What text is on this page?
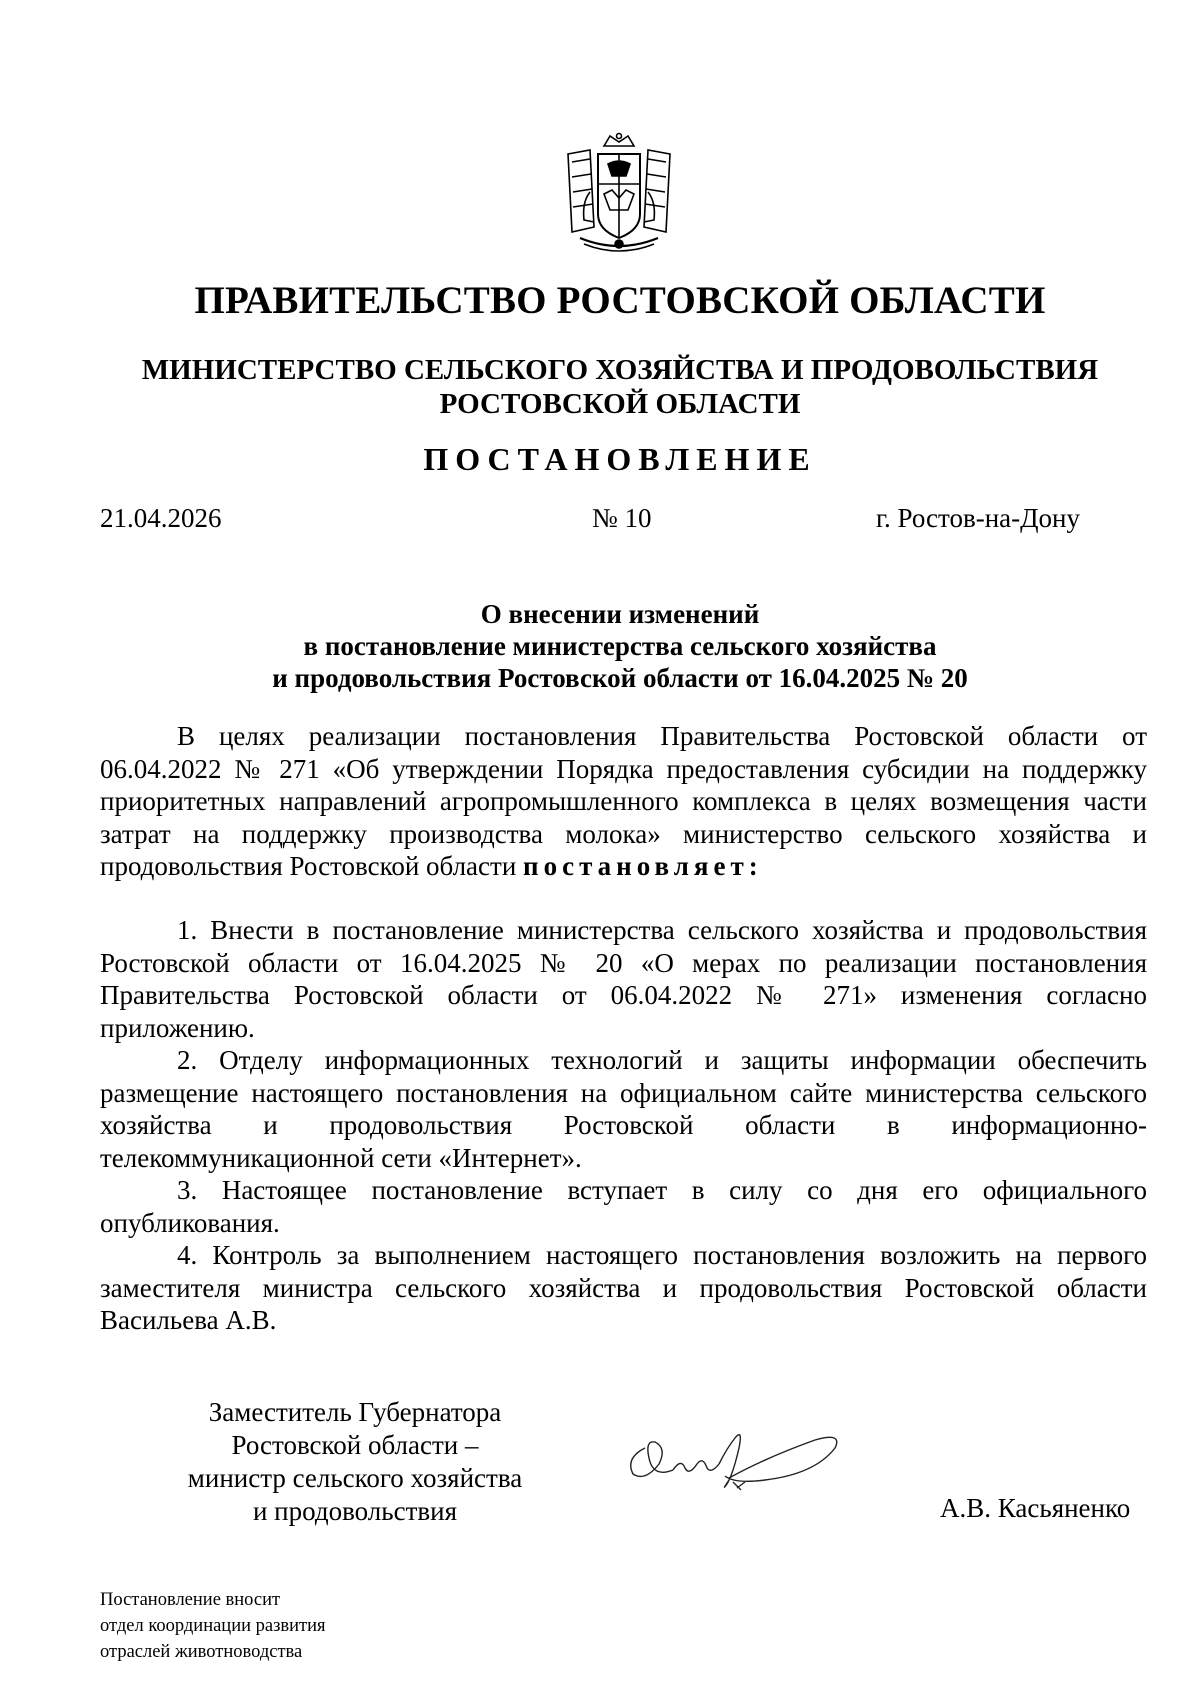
ПРАВИТЕЛЬСТВО РОСТОВСКОЙ ОБЛАСТИ
МИНИСТЕРСТВО СЕЛЬСКОГО ХОЗЯЙСТВА И ПРОДОВОЛЬСТВИЯ
РОСТОВСКОЙ ОБЛАСТИ
ПОСТАНОВЛЕНИЕ
21.04.2026	№ 10	г. Ростов-на-Дону
О внесении изменений
в постановление министерства сельского хозяйства
и продовольствия Ростовской области от 16.04.2025 № 20

В целях реализации постановления Правительства Ростовской области от 06.04.2022 № 271 «Об утверждении Порядка предоставления субсидии на поддержку приоритетных направлений агропромышленного комплекса в целях возмещения части затрат на поддержку производства молока» министерство сельского хозяйства и продовольствия Ростовской области постановляет:

1. Внести в постановление министерства сельского хозяйства и продовольствия Ростовской области от 16.04.2025 № 20 «О мерах по реализации постановления Правительства Ростовской области от 06.04.2022 № 271» изменения согласно приложению.

2. Отделу информационных технологий и защиты информации обеспечить размещение настоящего постановления на официальном сайте министерства сельского хозяйства и продовольствия Ростовской области в информационно-телекоммуникационной сети «Интернет».

3. Настоящее постановление вступает в силу со дня его официального опубликования.

4. Контроль за выполнением настоящего постановления возложить на первого заместителя министра сельского хозяйства и продовольствия Ростовской области Васильева А.В.

Заместитель Губернатора
Ростовской области –
министр сельского хозяйства
и продовольствия	А.В. Касьяненко
Постановление вносит
отдел координации развития
отраслей животноводства
